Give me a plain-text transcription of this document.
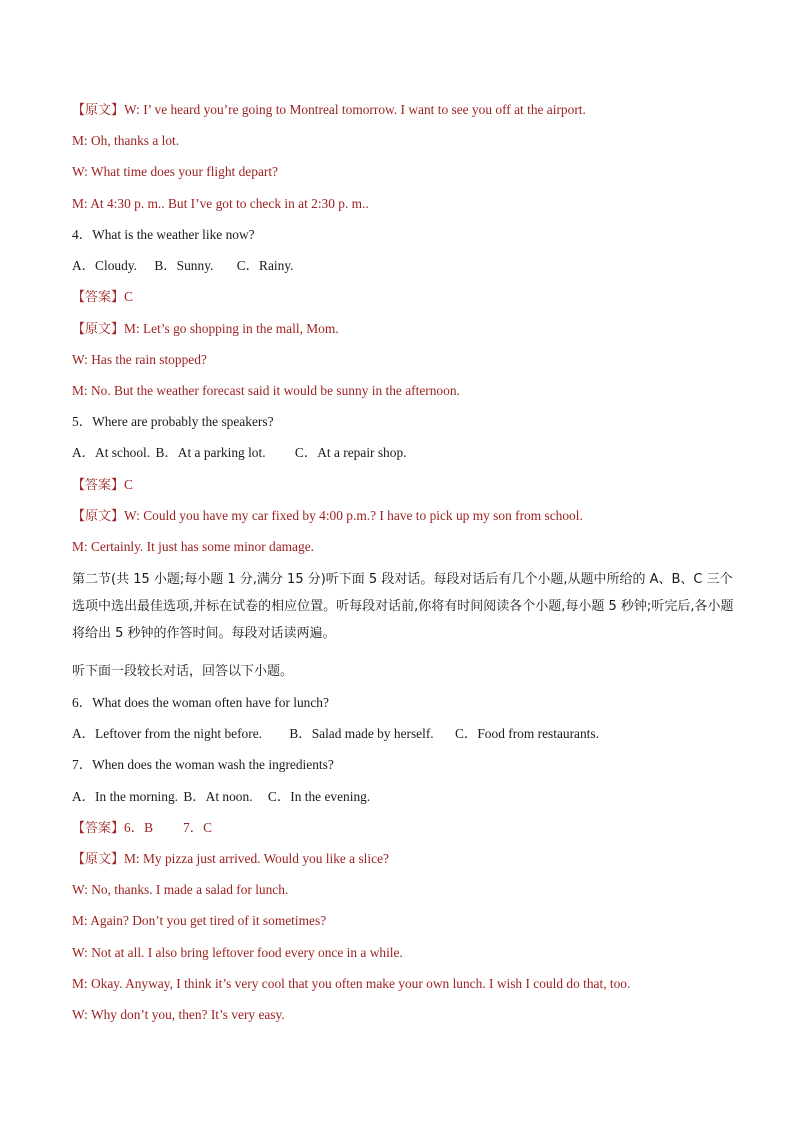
【原文】W: I’ ve heard you’re going to Montreal tomorrow. I want to see you off at the airport.
M: Oh, thanks a lot.
W: What time does your flight depart?
M: At 4:30 p. m.. But I’ve got to check in at 2:30 p. m..
4．What is the weather like now?
A．Cloudy. B．Sunny. C．Rainy.
【答案】C
【原文】M: Let’s go shopping in the mall, Mom.
W: Has the rain stopped?
M: No. But the weather forecast said it would be sunny in the afternoon.
5．Where are probably the speakers?
A．At school. B．At a parking lot. C．At a repair shop.
【答案】C
【原文】W: Could you have my car fixed by 4:00 p.m.? I have to pick up my son from school.
M: Certainly. It just has some minor damage.
第二节(共 15 小题;每小题 1 分,满分 15 分)听下面 5 段对话。每段对话后有几个小题,从题中所给的 A、B、C 三个选项中选出最佳选项,并标在试卷的相应位置。听每段对话前,你将有时间阅读各个小题,每小题 5 秒钟;听完后,各小题将给出 5 秒钟的作答时间。每段对话读两遍。
听下面一段较长对话，回答以下小题。
6．What does the woman often have for lunch?
A．Leftover from the night before. B．Salad made by herself. C．Food from restaurants.
7．When does the woman wash the ingredients?
A．In the morning. B．At noon. C．In the evening.
【答案】6．B 7．C
【原文】M: My pizza just arrived. Would you like a slice?
W: No, thanks. I made a salad for lunch.
M: Again? Don’t you get tired of it sometimes?
W: Not at all. I also bring leftover food every once in a while.
M: Okay. Anyway, I think it’s very cool that you often make your own lunch. I wish I could do that, too.
W: Why don’t you, then? It’s very easy.
